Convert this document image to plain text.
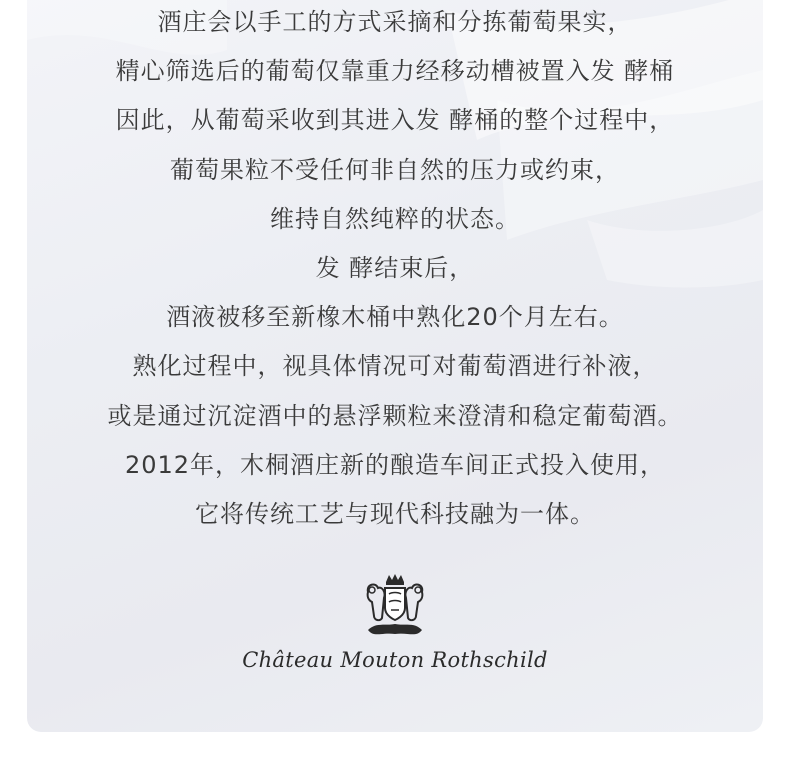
酒庄会以手工的方式采摘和分拣葡萄果实，
精心筛选后的葡萄仅靠重力经移动槽被置入发 酵桶
因此，从葡萄采收到其进入发 酵桶的整个过程中，
葡萄果粒不受任何非自然的压力或约束，
维持自然纯粹的状态。
发 酵结束后，
酒液被移至新橡木桶中熟化20个月左右。
熟化过程中，视具体情况可对葡萄酒进行补液，
或是通过沉淀酒中的悬浮颗粒来澄清和稳定葡萄酒。
2012年，木桐酒庄新的酿造车间正式投入使用，
它将传统工艺与现代科技融为一体。
Château Mouton Rothschild
